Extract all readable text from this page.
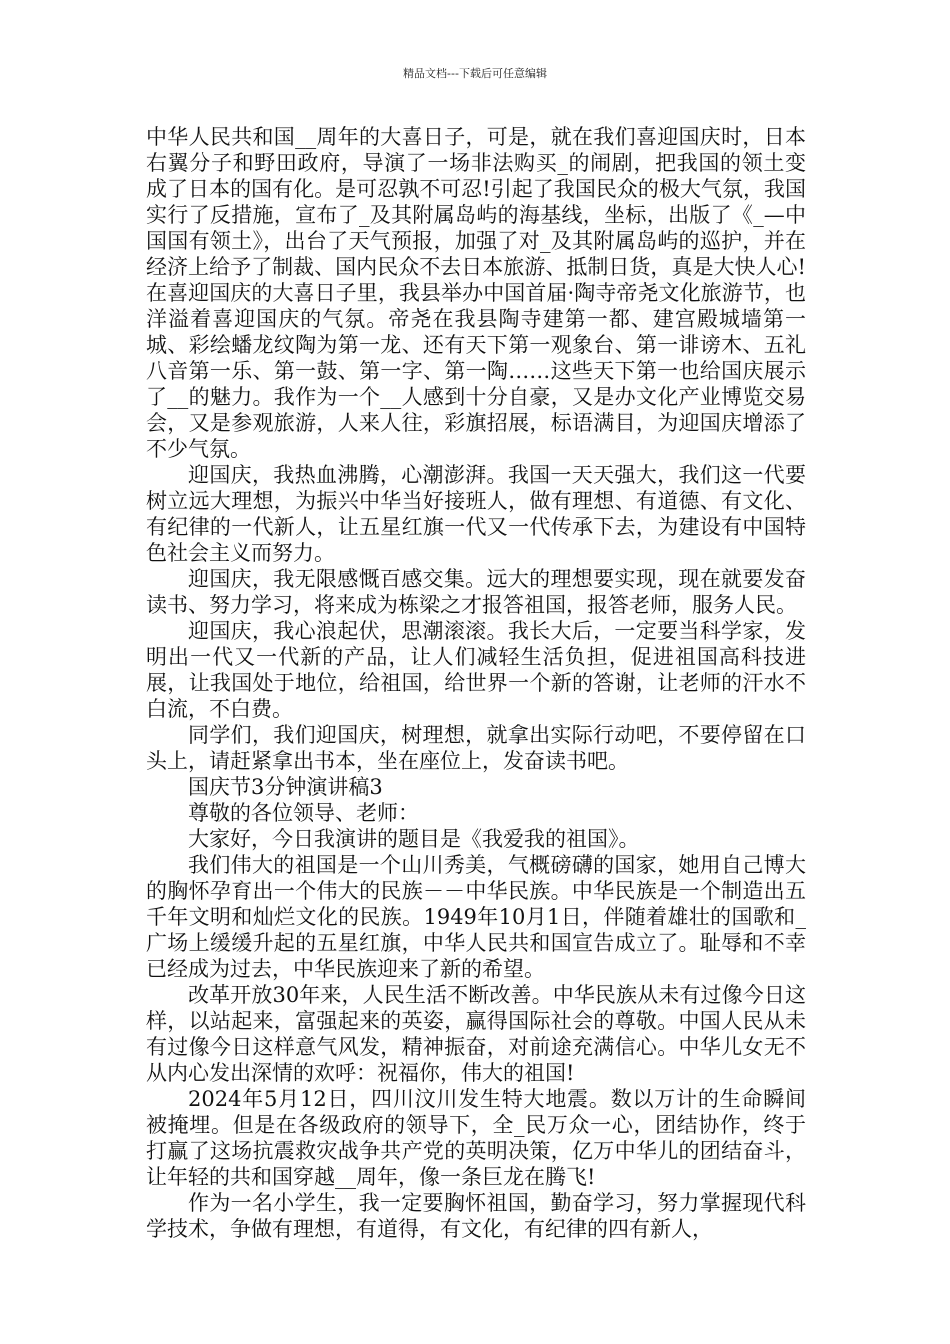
精品文档---下载后可任意编辑

中华人民共和国__周年的大喜日子，可是，就在我们喜迎国庆时，日本右翼分子和野田政府，导演了一场非法购买_的闹剧，把我国的领土变成了日本的国有化。是可忍孰不可忍!引起了我国民众的极大气氛，我国实行了反措施，宣布了_及其附属岛屿的海基线，坐标，出版了《_—中国国有领土》，出台了天气预报，加强了对_及其附属岛屿的巡护，并在经济上给予了制裁、国内民众不去日本旅游、抵制日货，真是大快人心!在喜迎国庆的大喜日子里，我县举办中国首届·陶寺帝尧文化旅游节，也洋溢着喜迎国庆的气氛。帝尧在我县陶寺建第一都、建宫殿城墙第一城、彩绘蟠龙纹陶为第一龙、还有天下第一观象台、第一诽谤木、五礼八音第一乐、第一鼓、第一字、第一陶……这些天下第一也给国庆展示了__的魅力。我作为一个__人感到十分自豪，又是办文化产业博览交易会，又是参观旅游，人来人往，彩旗招展，标语满目，为迎国庆增添了不少气氛。

迎国庆，我热血沸腾，心潮澎湃。我国一天天强大，我们这一代要树立远大理想，为振兴中华当好接班人，做有理想、有道德、有文化、有纪律的一代新人，让五星红旗一代又一代传承下去，为建设有中国特色社会主义而努力。

迎国庆，我无限感慨百感交集。远大的理想要实现，现在就要发奋读书、努力学习，将来成为栋梁之才报答祖国，报答老师，服务人民。

迎国庆，我心浪起伏，思潮滚滚。我长大后，一定要当科学家，发明出一代又一代新的产品，让人们减轻生活负担，促进祖国高科技进展，让我国处于地位，给祖国，给世界一个新的答谢，让老师的汗水不白流，不白费。

同学们，我们迎国庆，树理想，就拿出实际行动吧，不要停留在口头上，请赶紧拿出书本，坐在座位上，发奋读书吧。

国庆节3分钟演讲稿3

尊敬的各位领导、老师：

大家好，今日我演讲的题目是《我爱我的祖国》。

我们伟大的祖国是一个山川秀美，气概磅礴的国家，她用自己博大的胸怀孕育出一个伟大的民族－－中华民族。中华民族是一个制造出五千年文明和灿烂文化的民族。1949年10月1日，伴随着雄壮的国歌和_广场上缓缓升起的五星红旗，中华人民共和国宣告成立了。耻辱和不幸已经成为过去，中华民族迎来了新的希望。

改革开放30年来，人民生活不断改善。中华民族从未有过像今日这样，以站起来，富强起来的英姿，赢得国际社会的尊敬。中国人民从未有过像今日这样意气风发，精神振奋，对前途充满信心。中华儿女无不从内心发出深情的欢呼：祝福你，伟大的祖国!

2024年5月12日，四川汶川发生特大地震。数以万计的生命瞬间被掩埋。但是在各级政府的领导下，全_民万众一心，团结协作，终于打赢了这场抗震救灾战争共产党的英明决策，亿万中华儿的团结奋斗，让年轻的共和国穿越__周年，像一条巨龙在腾飞!

作为一名小学生，我一定要胸怀祖国，勤奋学习，努力掌握现代科学技术，争做有理想，有道得，有文化，有纪律的四有新人，
